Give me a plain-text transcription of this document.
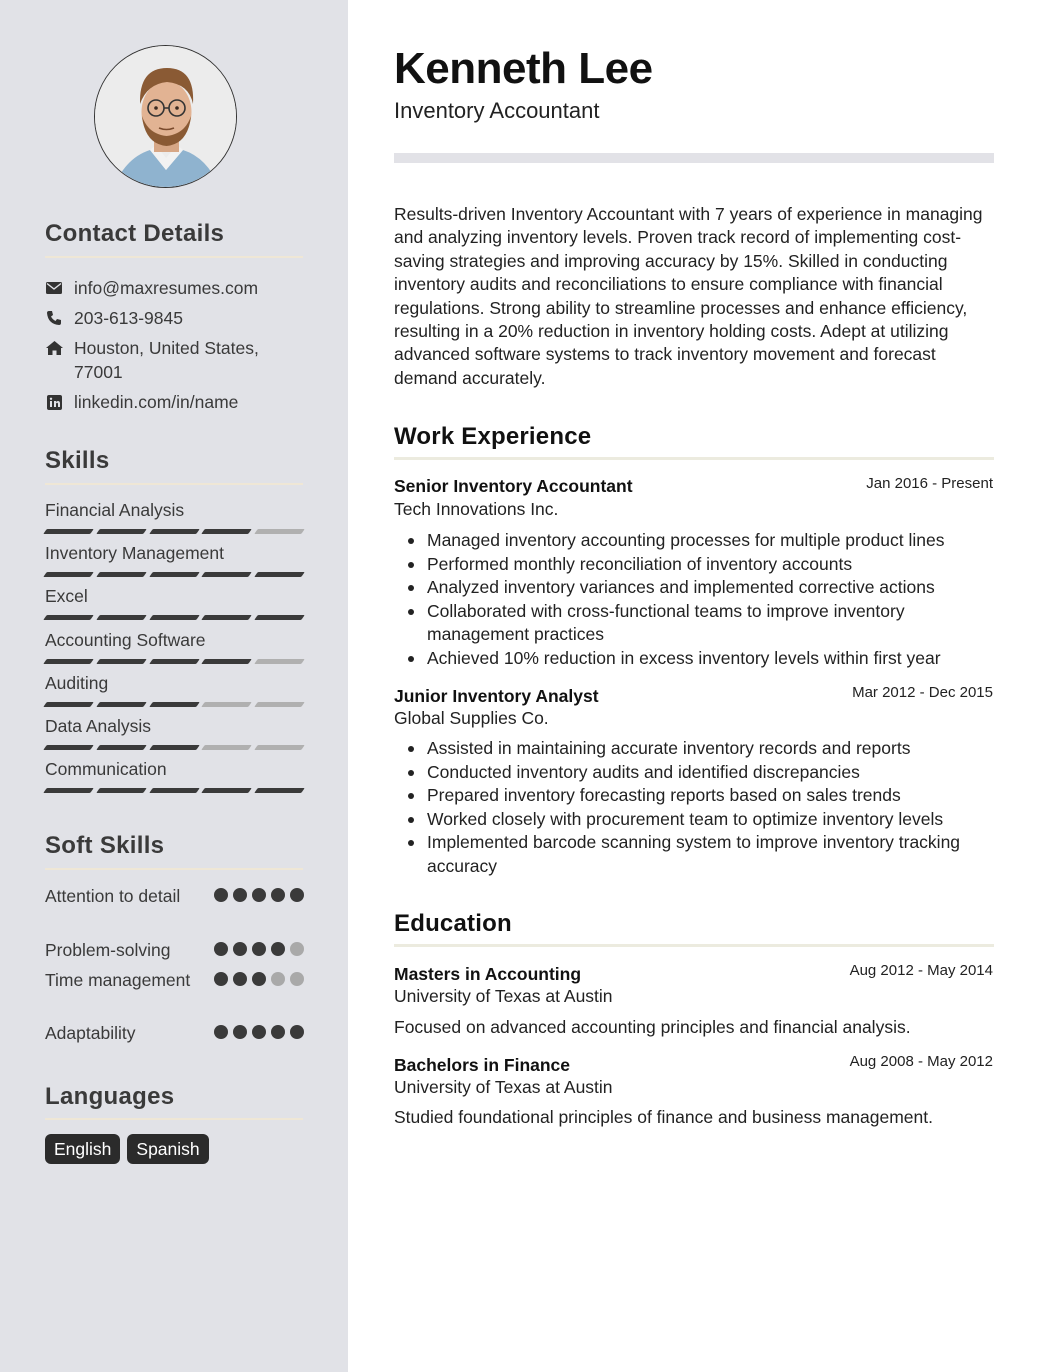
Contact Details
info@maxresumes.com
203-613-9845
Houston, United States, 77001
linkedin.com/in/name
Skills
Soft Skills
Languages
English	Spanish
Financial Analysis
Inventory Management
Excel
Accounting Software
Auditing
Data Analysis
Communication
Attention to detail
Problem-solving
Time management
Adaptability
Kenneth Lee
Inventory Accountant
Results-driven Inventory Accountant with 7 years of experience in managing and analyzing inventory levels. Proven track record of implementing cost-saving strategies and improving accuracy by 15%. Skilled in conducting inventory audits and reconciliations to ensure compliance with financial regulations. Strong ability to streamline processes and enhance efficiency, resulting in a 20% reduction in inventory holding costs. Adept at utilizing advanced software systems to track inventory movement and forecast demand accurately.
Work Experience
Senior Inventory Accountant	Jan 2016 - Present
Tech Innovations Inc.
Managed inventory accounting processes for multiple product lines
Performed monthly reconciliation of inventory accounts
Analyzed inventory variances and implemented corrective actions
Collaborated with cross-functional teams to improve inventory management practices
Achieved 10% reduction in excess inventory levels within first year
Junior Inventory Analyst	Mar 2012 - Dec 2015
Global Supplies Co.
Assisted in maintaining accurate inventory records and reports
Conducted inventory audits and identified discrepancies
Prepared inventory forecasting reports based on sales trends
Worked closely with procurement team to optimize inventory levels
Implemented barcode scanning system to improve inventory tracking accuracy
Education
Masters in Accounting	Aug 2012 - May 2014
University of Texas at Austin
Focused on advanced accounting principles and financial analysis.
Bachelors in Finance	Aug 2008 - May 2012
University of Texas at Austin
Studied foundational principles of finance and business management.
